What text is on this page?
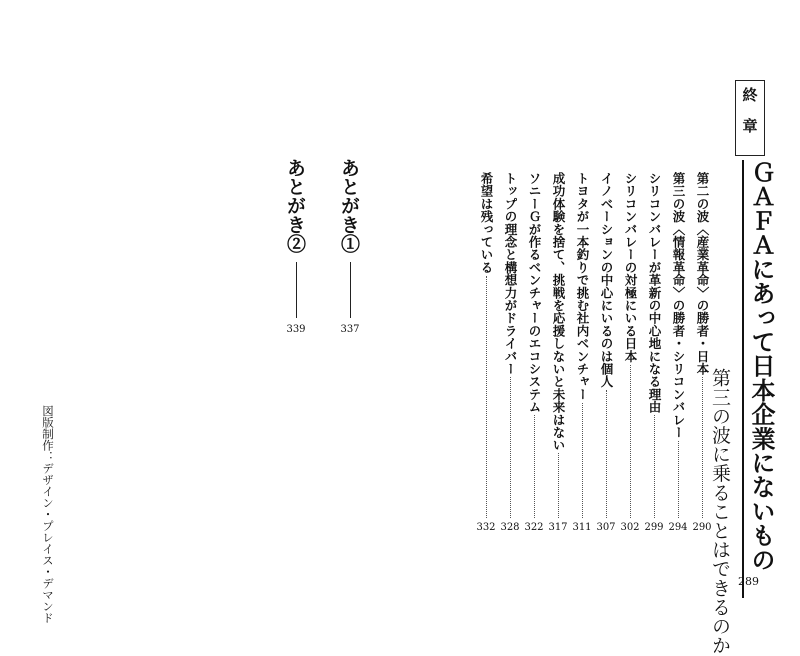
終章
ＧＡＦＡにあって日本企業にないもの
第三の波に乗ることはできるのか 289
第二の波〈産業革命〉の勝者・日本
290
第三の波〈情報革命〉の勝者・シリコンバレー
294
シリコンバレーが革新の中心地になる理由
299
シリコンバレーの対極にいる日本
302
イノベーションの中心にいるのは個人
307
トヨタが一本釣りで挑む社内ベンチャー
311
成功体験を捨て、挑戦を応援しないと未来はない
317
ソニーＧが作るベンチャーのエコシステム
322
トップの理念と構想力がドライバー
328
希望は残っている
332
あとがき①
337
あとがき②
339
図版制作：デザイン・プレイス・デマンド
